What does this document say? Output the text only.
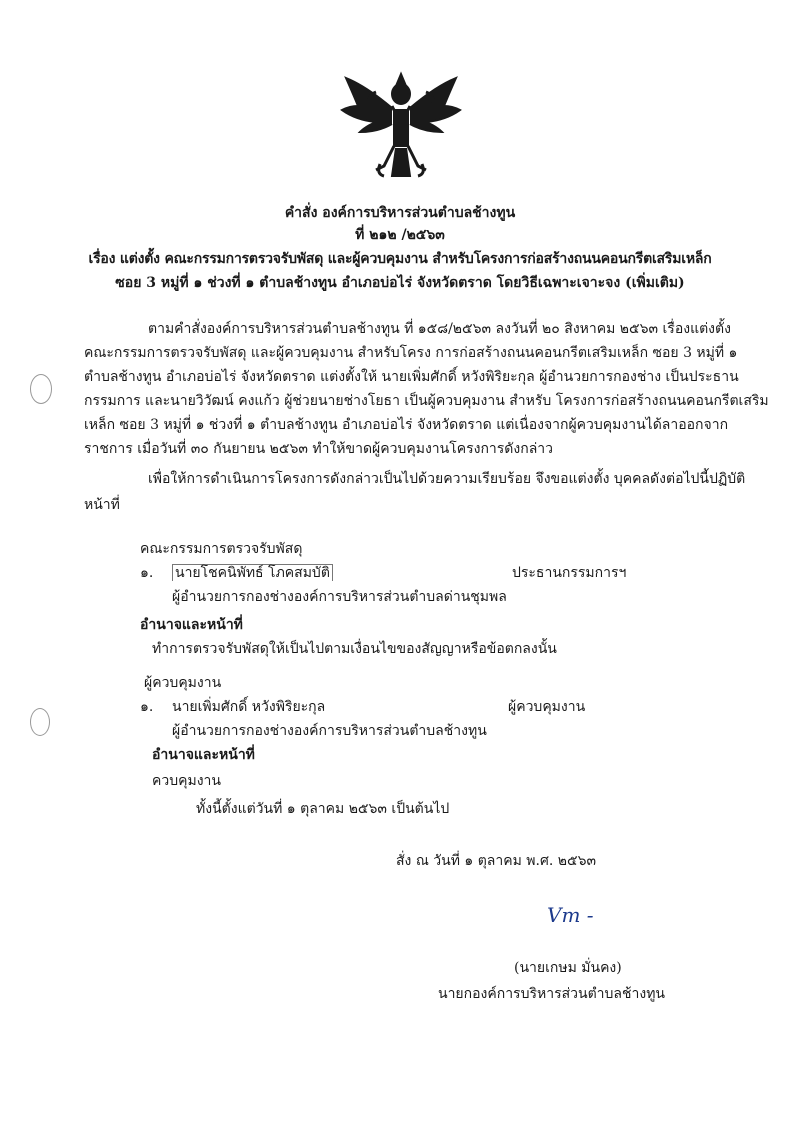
คำสั่ง องค์การบริหารส่วนตำบลช้างทูน
ที่ ๒๑๒ /๒๕๖๓
เรื่อง แต่งตั้ง คณะกรรมการตรวจรับพัสดุ และผู้ควบคุมงาน สำหรับโครงการก่อสร้างถนนคอนกรีตเสริมเหล็ก
ซอย 3 หมู่ที่ ๑ ช่วงที่ ๑ ตำบลช้างทูน อำเภอบ่อไร่ จังหวัดตราด โดยวิธีเฉพาะเจาะจง (เพิ่มเติม)
ตามคำสั่งองค์การบริหารส่วนตำบลช้างทูน ที่ ๑๕๘/๒๕๖๓ ลงวันที่ ๒๐ สิงหาคม ๒๕๖๓ เรื่องแต่งตั้ง
คณะกรรมการตรวจรับพัสดุ และผู้ควบคุมงาน สำหรับโครง การก่อสร้างถนนคอนกรีตเสริมเหล็ก ซอย 3 หมู่ที่ ๑
ตำบลช้างทูน อำเภอบ่อไร่ จังหวัดตราด แต่งตั้งให้ นายเพิ่มศักดิ์ หวังพิริยะกุล ผู้อำนวยการกองช่าง เป็นประธาน
กรรมการ และนายวิวัฒน์ คงแก้ว ผู้ช่วยนายช่างโยธา เป็นผู้ควบคุมงาน สำหรับ โครงการก่อสร้างถนนคอนกรีตเสริม
เหล็ก ซอย 3 หมู่ที่ ๑ ช่วงที่ ๑ ตำบลช้างทูน อำเภอบ่อไร่ จังหวัดตราด แต่เนื่องจากผู้ควบคุมงานได้ลาออกจาก
ราชการ เมื่อวันที่ ๓๐ กันยายน ๒๕๖๓ ทำให้ขาดผู้ควบคุมงานโครงการดังกล่าว
เพื่อให้การดำเนินการโครงการดังกล่าวเป็นไปด้วยความเรียบร้อย จึงขอแต่งตั้ง บุคคลดังต่อไปนี้ปฏิบัติ
หน้าที่
คณะกรรมการตรวจรับพัสดุ
๑. นายโชคนิพัทธ์ โภคสมบัติ	ประธานกรรมการฯ
ผู้อำนวยการกองช่างองค์การบริหารส่วนตำบลด่านชุมพล
อำนาจและหน้าที่
ทำการตรวจรับพัสดุให้เป็นไปตามเงื่อนไขของสัญญาหรือข้อตกลงนั้น
ผู้ควบคุมงาน
๑. นายเพิ่มศักดิ์ หวังพิริยะกุล	ผู้ควบคุมงาน
ผู้อำนวยการกองช่างองค์การบริหารส่วนตำบลช้างทูน
อำนาจและหน้าที่
ควบคุมงาน
ทั้งนี้ตั้งแต่วันที่ ๑ ตุลาคม ๒๕๖๓ เป็นต้นไป
สั่ง ณ วันที่ ๑ ตุลาคม พ.ศ. ๒๕๖๓
Vm -
(นายเกษม มั่นคง)
นายกองค์การบริหารส่วนตำบลช้างทูน
